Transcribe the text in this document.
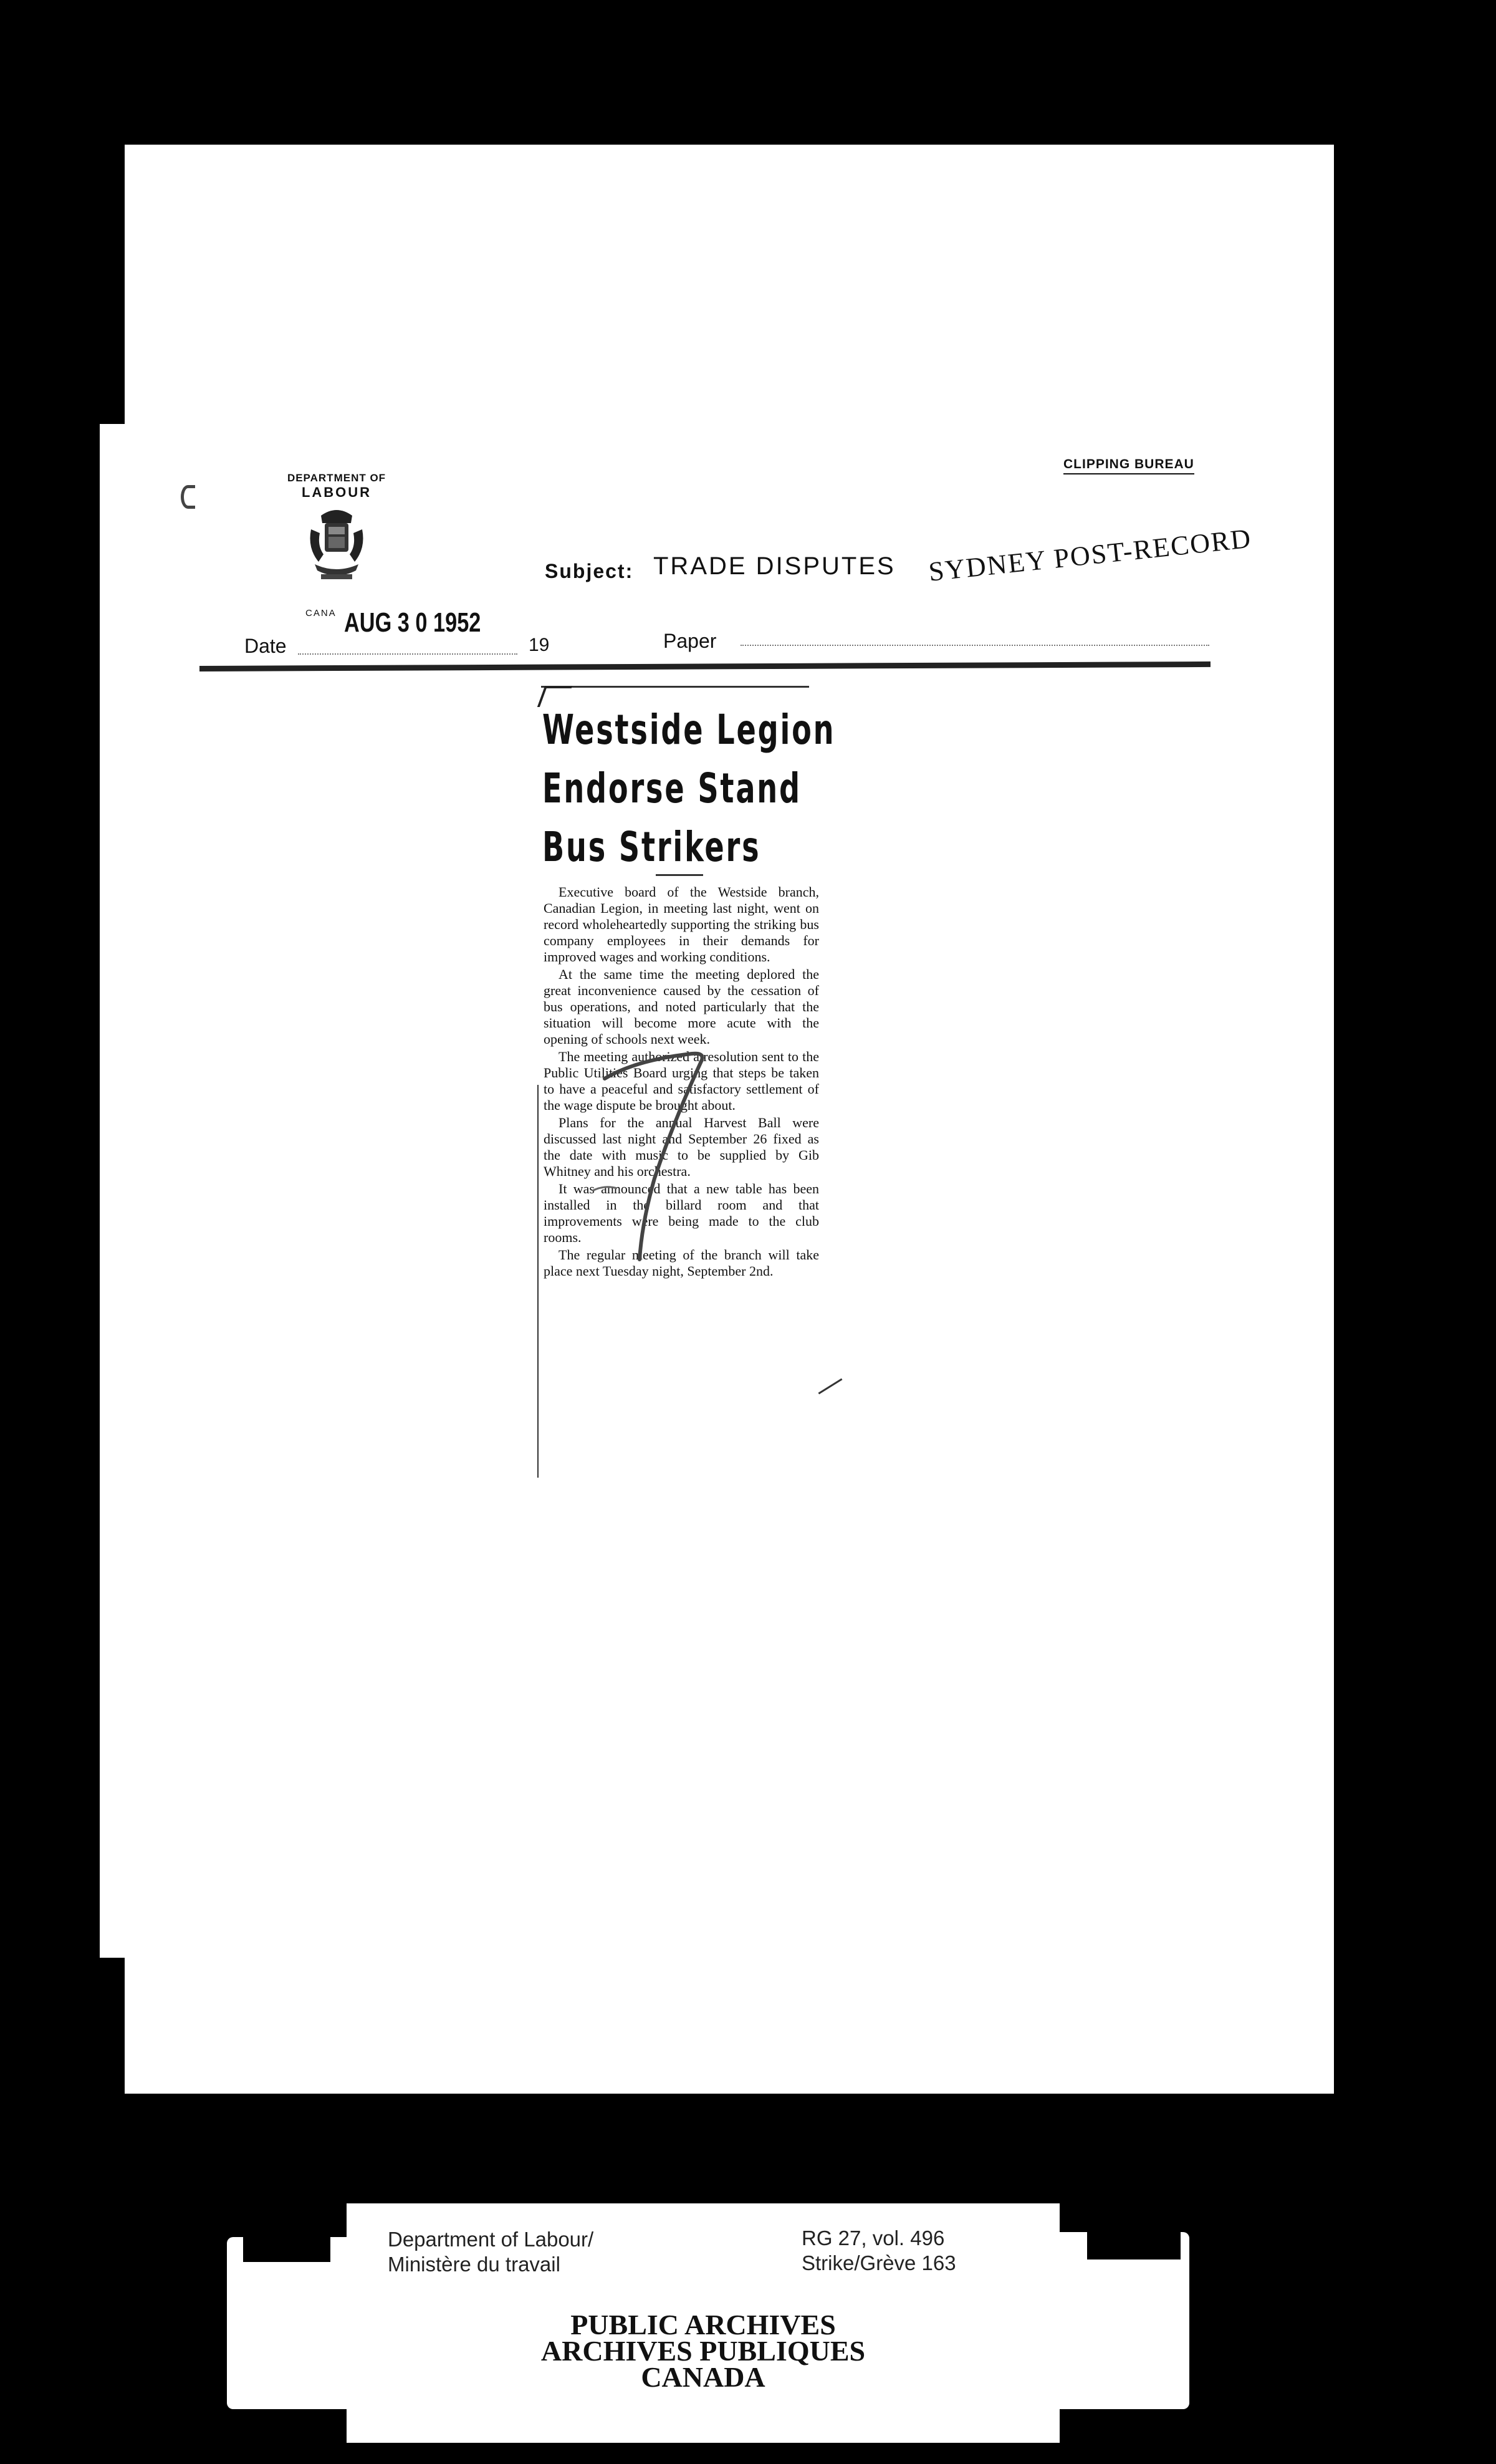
DEPARTMENT OF
LABOUR
CANA
CLIPPING BUREAU
Subject: TRADE DISPUTES SYDNEY POST-RECORD
Date
AUG 3 0 1952
19	Paper
Westside Legion
Endorse Stand
Bus Strikers

Executive board of the Westside branch, Canadian Legion, in meeting last night, went on record wholeheartedly supporting the striking bus company employees in their demands for improved wages and working conditions.

At the same time the meeting deplored the great inconvenience caused by the cessation of bus operations, and noted particularly that the situation will become more acute with the opening of schools next week.

The meeting authorized a resolution sent to the Public Utilities Board urging that steps be taken to have a peaceful and satisfactory settlement of the wage dispute be brought about.

Plans for the annual Harvest Ball were discussed last night and September 26 fixed as the date with music to be supplied by Gib Whitney and his orchestra.

It was announced that a new table has been installed in the billard room and that improvements were being made to the club rooms.

The regular meeting of the branch will take place next Tuesday night, September 2nd.

Department of Labour/
Ministère du travail
RG 27, vol. 496
Strike/Grève 163
PUBLIC ARCHIVES
ARCHIVES PUBLIQUES
CANADA
